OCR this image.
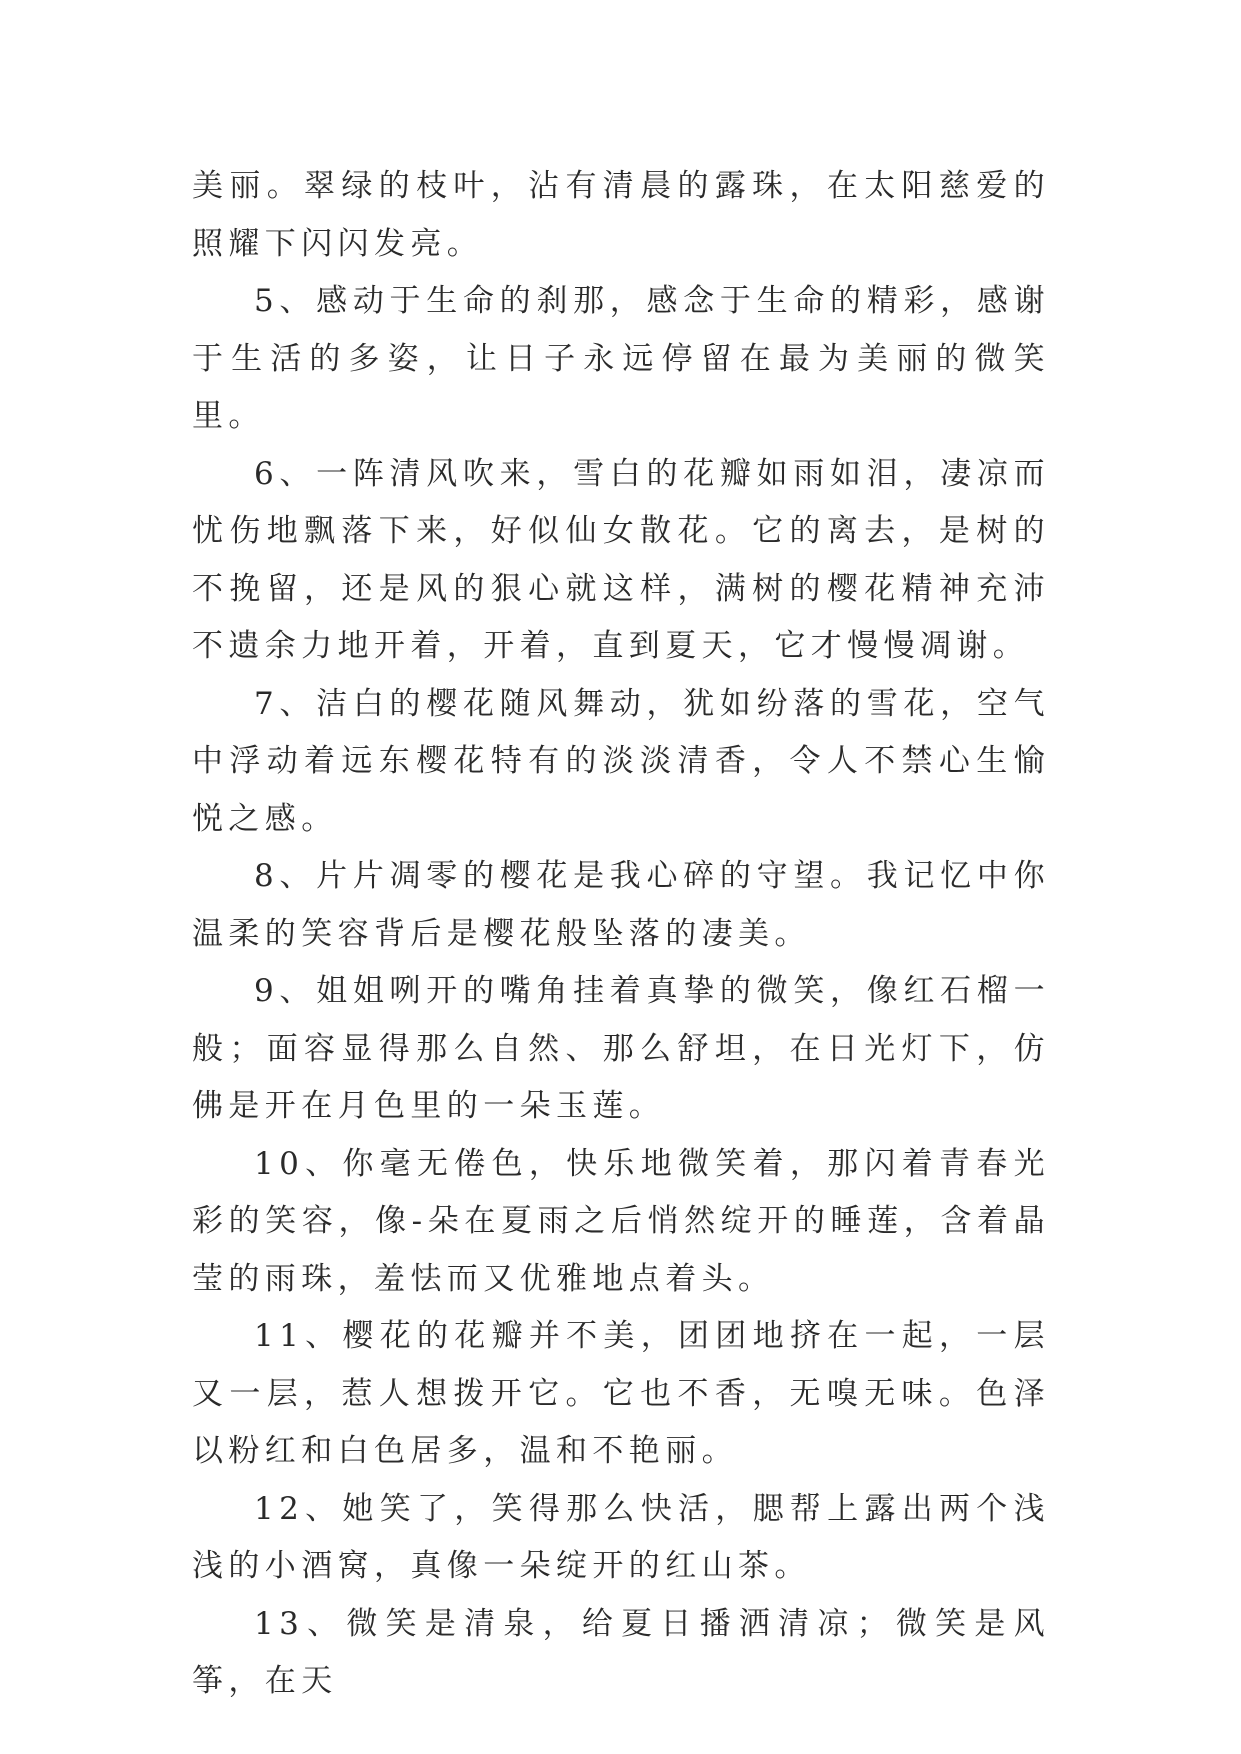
美丽。翠绿的枝叶，沾有清晨的露珠，在太阳慈爱的照耀下闪闪发亮。

5、感动于生命的刹那，感念于生命的精彩，感谢于生活的多姿，让日子永远停留在最为美丽的微笑里。

6、一阵清风吹来，雪白的花瓣如雨如泪，凄凉而忧伤地飘落下来，好似仙女散花。它的离去，是树的不挽留，还是风的狠心就这样，满树的樱花精神充沛不遗余力地开着，开着，直到夏天，它才慢慢凋谢。

7、洁白的樱花随风舞动，犹如纷落的雪花，空气中浮动着远东樱花特有的淡淡清香，令人不禁心生愉悦之感。

8、片片凋零的樱花是我心碎的守望。我记忆中你温柔的笑容背后是樱花般坠落的凄美。

9、姐姐咧开的嘴角挂着真挚的微笑，像红石榴一般；面容显得那么自然、那么舒坦，在日光灯下，仿佛是开在月色里的一朵玉莲。

10、你毫无倦色，快乐地微笑着，那闪着青春光彩的笑容，像-朵在夏雨之后悄然绽开的睡莲，含着晶莹的雨珠，羞怯而又优雅地点着头。

11、樱花的花瓣并不美，团团地挤在一起，一层又一层，惹人想拨开它。它也不香，无嗅无味。色泽以粉红和白色居多，温和不艳丽。

12、她笑了，笑得那么快活，腮帮上露出两个浅浅的小酒窝，真像一朵绽开的红山茶。

13、微笑是清泉，给夏日播洒清凉；微笑是风筝，在天
